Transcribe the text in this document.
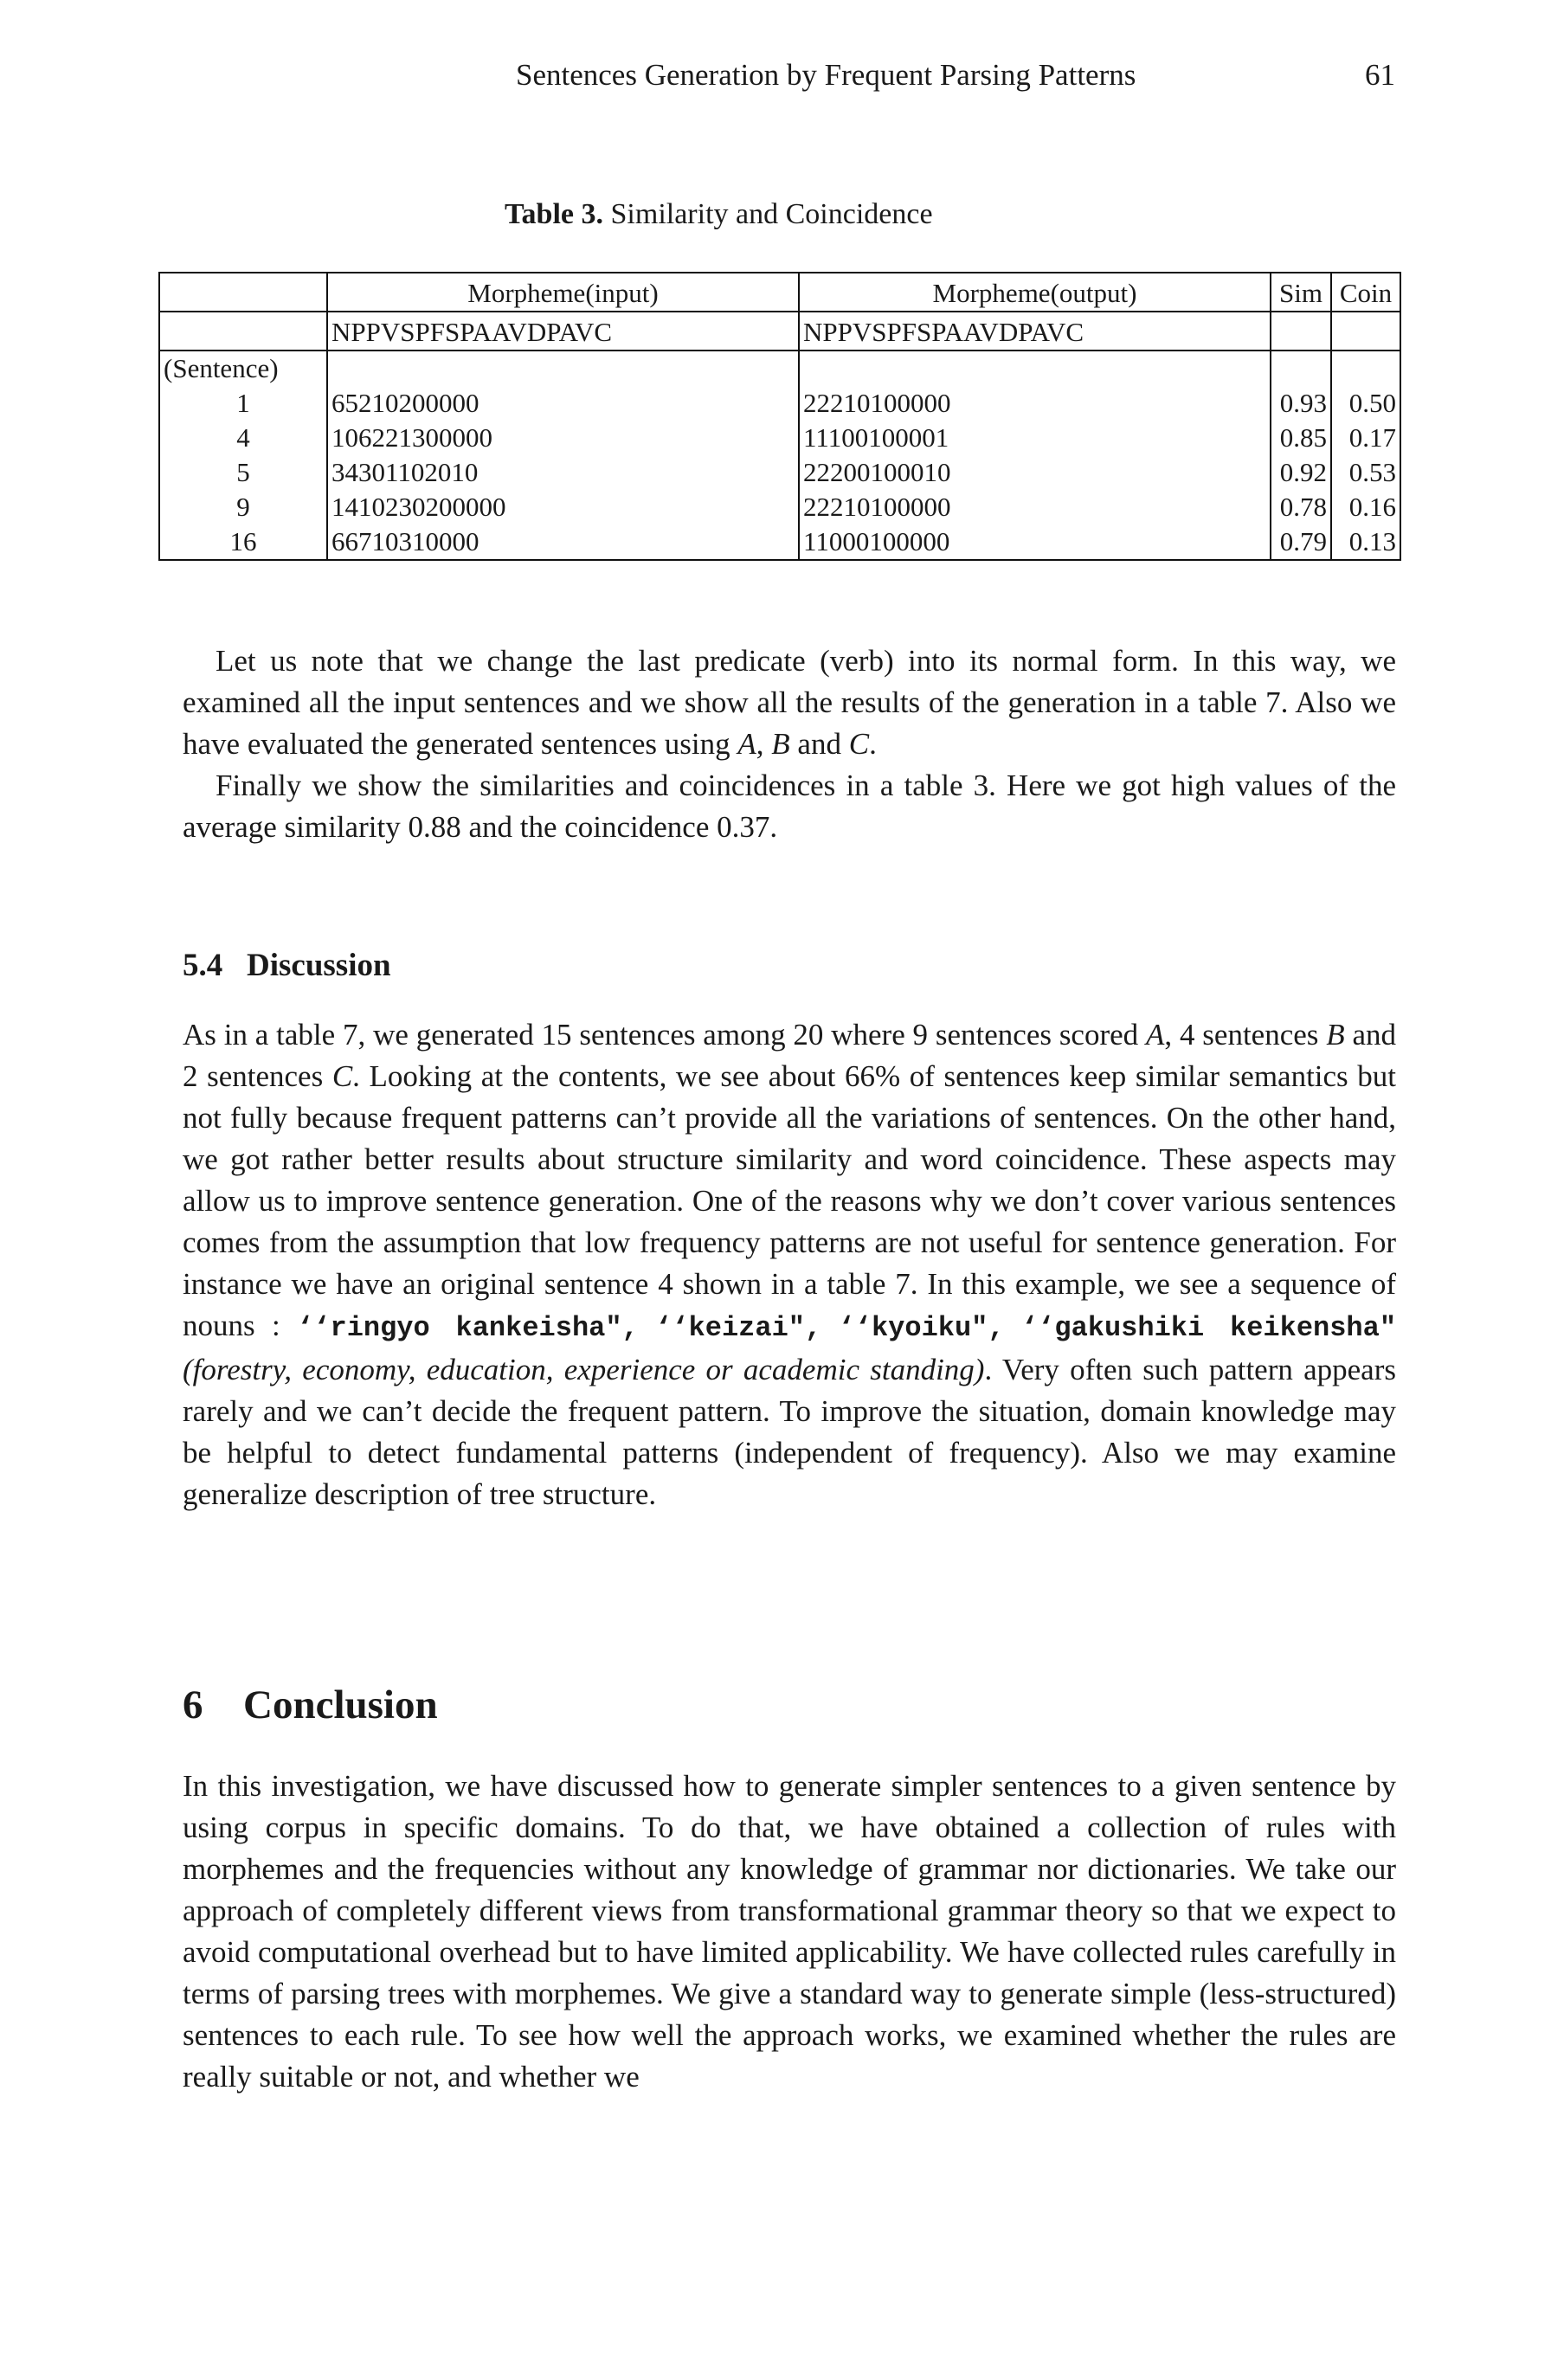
Sentences Generation by Frequent Parsing Patterns	61
Table 3. Similarity and Coincidence
	Morpheme(input)	Morpheme(output)	Sim	Coin
	NPPVSPFSPAAVDPAVC	NPPVSPFSPAAVDPAVC		
(Sentence)				
1	65210200000	22210100000	0.93	0.50
4	106221300000	11100100001	0.85	0.17
5	34301102010	22200100010	0.92	0.53
9	1410230200000	22210100000	0.78	0.16
16	66710310000	11000100000	0.79	0.13

Let us note that we change the last predicate (verb) into its normal form. In this way, we examined all the input sentences and we show all the results of the generation in a table 7. Also we have evaluated the generated sentences using A, B and C.

Finally we show the similarities and coincidences in a table 3. Here we got high values of the average similarity 0.88 and the coincidence 0.37.

5.4 Discussion

As in a table 7, we generated 15 sentences among 20 where 9 sentences scored A, 4 sentences B and 2 sentences C. Looking at the contents, we see about 66% of sentences keep similar semantics but not fully because frequent patterns can’t provide all the variations of sentences. On the other hand, we got rather better results about structure similarity and word coincidence. These aspects may allow us to improve sentence generation. One of the reasons why we don’t cover various sentences comes from the assumption that low frequency patterns are not useful for sentence generation. For instance we have an original sentence 4 shown in a table 7. In this example, we see a sequence of nouns : ‘‘ringyo kankeisha", ‘‘keizai", ‘‘kyoiku", ‘‘gakushiki keikensha" (forestry, economy, education, experience or academic standing). Very often such pattern appears rarely and we can’t decide the frequent pattern. To improve the situation, domain knowledge may be helpful to detect fundamental patterns (independent of frequency). Also we may examine generalize description of tree structure.

6 Conclusion

In this investigation, we have discussed how to generate simpler sentences to a given sentence by using corpus in specific domains. To do that, we have obtained a collection of rules with morphemes and the frequencies without any knowledge of grammar nor dictionaries. We take our approach of completely different views from transformational grammar theory so that we expect to avoid computational overhead but to have limited applicability. We have collected rules carefully in terms of parsing trees with morphemes. We give a standard way to generate simple (less-structured) sentences to each rule. To see how well the approach works, we examined whether the rules are really suitable or not, and whether we
